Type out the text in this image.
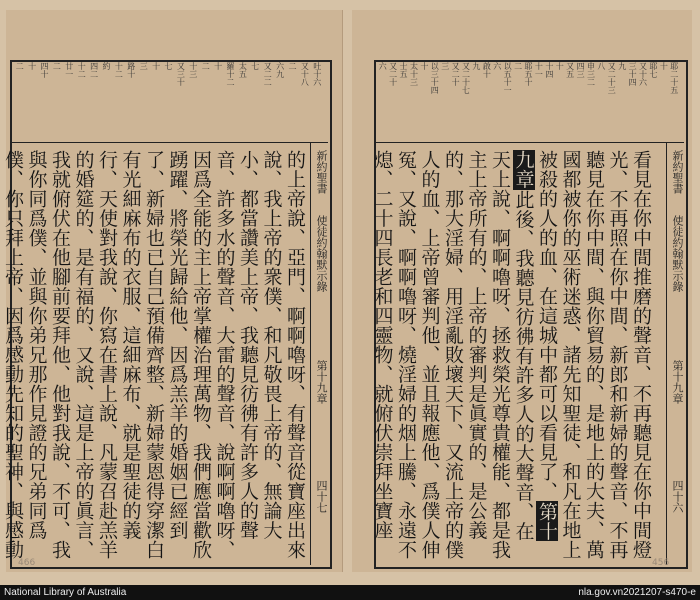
吐十六
又十八
二
六九
又二二
七
太五
羅十二
十
二
十三
又三十
七
十
三
路十
十二
約
四二
十二
廿一
二
四十
十
二
的上帝說、亞門、啊啊嚕呀、有聲音從寶座出來說、我上帝的衆僕、和凡敬畏上帝的、無論大小、都當讚美上帝、我聽見彷彿有許多人的聲音、許多水的聲音、大雷的聲音、說啊啊嚕呀、因爲全能的主上帝掌權治理萬物、我們應當歡欣踴躍、將榮光歸給他、因爲羔羊的婚姻已經到了、新婦也已自己預備齊整、新婦蒙恩得穿潔白有光細麻布的衣服、這細麻布、就是聖徒的義行、天使對我說、你寫在書上說、凡蒙召赴羔羊的婚筵的、是有福的、又說、這是上帝的眞言、我就俯伏在他腳前要拜他、他對我說、不可、我與你同爲僕、並與你弟兄那作見證的兄弟同爲僕、你只拜上帝、因爲感動先知的聖神、與感動
新約聖書
使徒約翰默示錄
第十九章
四十七
466
耶二十五
十
耶七
又十六
三十四
九
又二十三
八
申三二
四三
又五
十
十四
十一
耶五十
二
以五十一
六
啟十
九
又二十七
又二十
三
以三十四
十
太十三
士五
又二十
六
看見在你中間推磨的聲音、不再聽見在你中間燈光、不再照在你中間、新郎和新婦的聲音、不再聽見在你中間、與你貿易的、是地上的大夫、萬國都被你的巫術迷惑、諸先知聖徒、和凡在地上被殺的人的血、在這城中都可以看見了、第十九章此後、我聽見彷彿有許多人的大聲音、在天上說、啊啊嚕呀、拯救榮光尊貴權能、都是我主上帝所有的、上帝的審判是眞實的、是公義的、那大淫婦、用淫亂敗壞天下、又流上帝的僕人的血、上帝曾審判他、並且報應他、爲僕人伸冤、又說、啊啊嚕呀、燒淫婦的烟上騰、永遠不熄、二十四長老和四靈物、就俯伏崇拜坐寶座	新約聖書
使徒約翰默示錄
第十九章
四十六
456
National Library of Australia	nla.gov.vn2021207-s470-e
